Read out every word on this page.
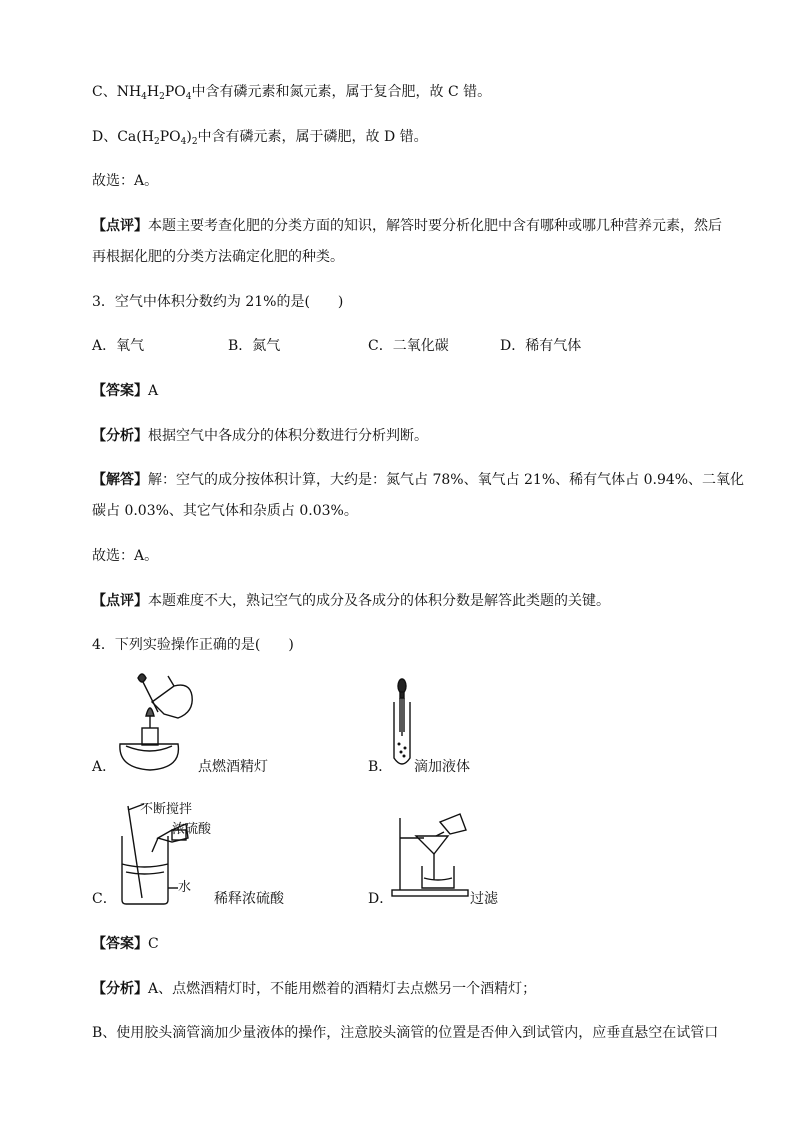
C、$NH_4H_2PO_4$中含有磷元素和氮元素，属于复合肥，故 C 错。
D、$Ca(H_2PO_4)_2$中含有磷元素，属于磷肥，故 D 错。
故选：A。
【点评】本题主要考查化肥的分类方面的知识，解答时要分析化肥中含有哪种或哪几种营养元素，然后
再根据化肥的分类方法确定化肥的种类。
3．空气中体积分数约为 21%的是(　　)
A．氧气	B．氮气	C．二氧化碳	D．稀有气体
【答案】A
【分析】根据空气中各成分的体积分数进行分析判断。
【解答】解：空气的成分按体积计算，大约是：氮气占 78%、氧气占 21%、稀有气体占 0.94%、二氧化
碳占 0.03%、其它气体和杂质占 0.03%。
故选：A。
【点评】本题难度不大，熟记空气的成分及各成分的体积分数是解答此类题的关键。
4．下列实验操作正确的是(　　)
A．	点燃酒精灯	B． 滴加液体
C．
不断搅拌
浓硫酸
水
稀释浓硫酸	D．	过滤
【答案】C
【分析】A、点燃酒精灯时，不能用燃着的酒精灯去点燃另一个酒精灯；
B、使用胶头滴管滴加少量液体的操作，注意胶头滴管的位置是否伸入到试管内，应垂直悬空在试管口
